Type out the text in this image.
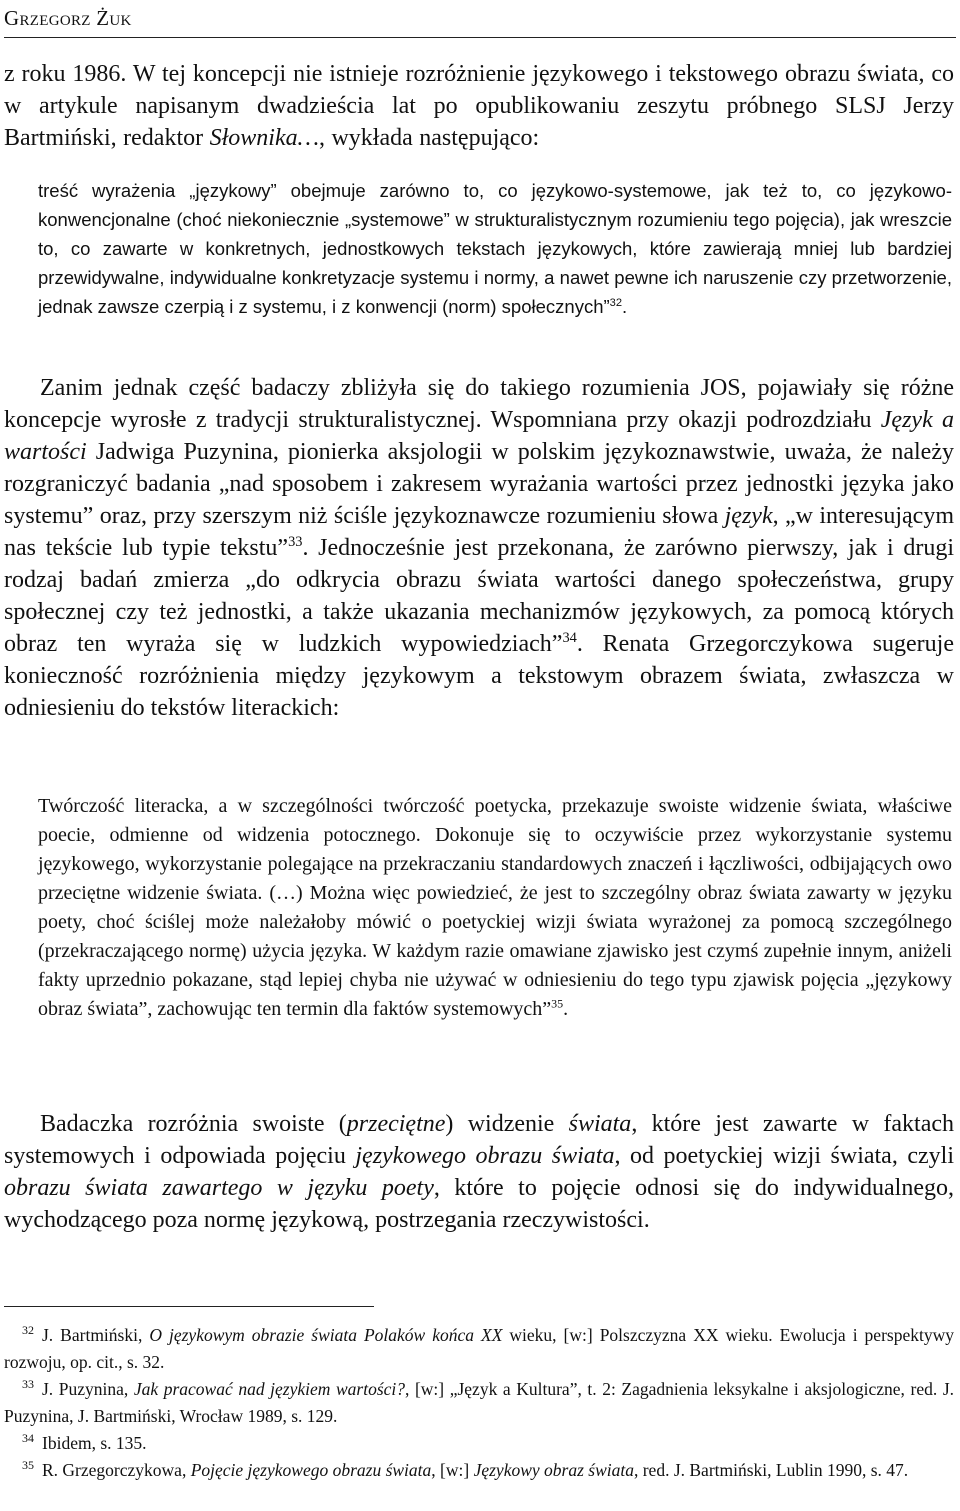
Grzegorz Żuk

z roku 1986. W tej koncepcji nie istnieje rozróżnienie językowego i tekstowego obrazu świata, co w artykule napisanym dwadzieścia lat po opublikowaniu zeszytu próbnego SLSJ Jerzy Bartmiński, redaktor Słownika…, wykłada następująco:

treść wyrażenia „językowy” obejmuje zarówno to, co językowo-systemowe, jak też to, co językowo-konwencjonalne (choć niekoniecznie „systemowe” w strukturalistycznym rozumieniu tego pojęcia), jak wreszcie to, co zawarte w konkretnych, jednostkowych tekstach językowych, które zawierają mniej lub bardziej przewidywalne, indywidualne konkretyzacje systemu i normy, a nawet pewne ich naruszenie czy przetworzenie, jednak zawsze czerpią i z systemu, i z konwencji (norm) społecznych”$^{32}$.

Zanim jednak część badaczy zbliżyła się do takiego rozumienia JOS, pojawiały się różne koncepcje wyrosłe z tradycji strukturalistycznej. Wspomniana przy okazji podrozdziału Język a wartości Jadwiga Puzynina, pionierka aksjologii w polskim językoznawstwie, uważa, że należy rozgraniczyć badania „nad sposobem i zakresem wyrażania wartości przez jednostki języka jako systemu” oraz, przy szerszym niż ściśle językoznawcze rozumieniu słowa język, „w interesującym nas tekście lub typie tekstu”$^{33}$. Jednocześnie jest przekonana, że zarówno pierwszy, jak i drugi rodzaj badań zmierza „do odkrycia obrazu świata wartości danego społeczeństwa, grupy społecznej czy też jednostki, a także ukazania mechanizmów językowych, za pomocą których obraz ten wyraża się w ludzkich wypowiedziach”$^{34}$. Renata Grzegorczykowa sugeruje konieczność rozróżnienia między językowym a tekstowym obrazem świata, zwłaszcza w odniesieniu do tekstów literackich:

Twórczość literacka, a w szczególności twórczość poetycka, przekazuje swoiste widzenie świata, właściwe poecie, odmienne od widzenia potocznego. Dokonuje się to oczywiście przez wykorzystanie systemu językowego, wykorzystanie polegające na przekraczaniu standardowych znaczeń i łączliwości, odbijających owo przeciętne widzenie świata. (…) Można więc powiedzieć, że jest to szczególny obraz świata zawarty w języku poety, choć ściślej może należałoby mówić o poetyckiej wizji świata wyrażonej za pomocą szczególnego (przekraczającego normę) użycia języka. W każdym razie omawiane zjawisko jest czymś zupełnie innym, aniżeli fakty uprzednio pokazane, stąd lepiej chyba nie używać w odniesieniu do tego typu zjawisk pojęcia „językowy obraz świata”, zachowując ten termin dla faktów systemowych”$^{35}$.

Badaczka rozróżnia swoiste (przeciętne) widzenie świata, które jest zawarte w faktach systemowych i odpowiada pojęciu językowego obrazu świata, od poetyckiej wizji świata, czyli obrazu świata zawartego w języku poety, które to pojęcie odnosi się do indywidualnego, wychodzącego poza normę językową, postrzegania rzeczywistości.

32 J. Bartmiński, O językowym obrazie świata Polaków końca XX wieku, [w:] Polszczyzna XX wieku. Ewolucja i perspektywy rozwoju, op. cit., s. 32.

33 J. Puzynina, Jak pracować nad językiem wartości?, [w:] „Język a Kultura”, t. 2: Zagadnienia leksykalne i aksjologiczne, red. J. Puzynina, J. Bartmiński, Wrocław 1989, s. 129.

34 Ibidem, s. 135.

35 R. Grzegorczykowa, Pojęcie językowego obrazu świata, [w:] Językowy obraz świata, red. J. Bartmiński, Lublin 1990, s. 47.
